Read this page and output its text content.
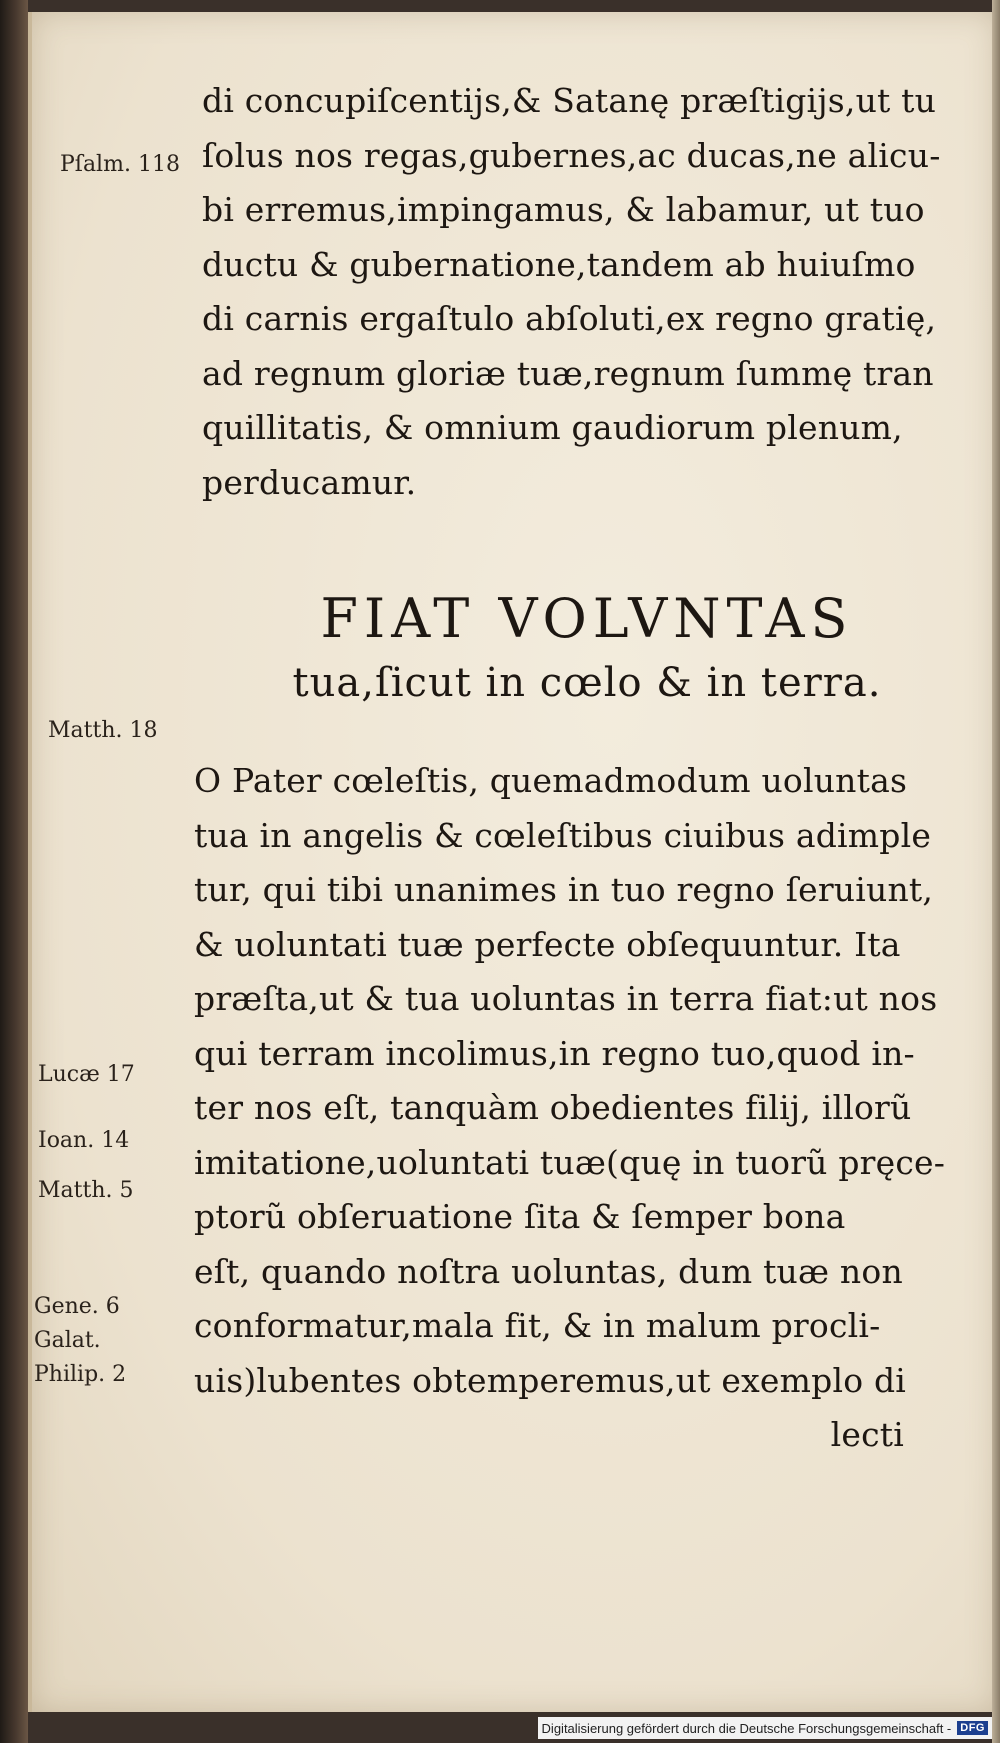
di concupiſcentijs,& Satanę præſtigijs,ut tu
ſolus nos regas,gubernes,ac ducas,ne alicu-
bi erremus,impingamus, & labamur, ut tuo
ductu & gubernatione,tandem ab huiuſmo
di carnis ergaſtulo abſoluti,ex regno gratię,
ad regnum gloriæ tuæ,regnum ſummę tran
quillitatis, & omnium gaudiorum plenum,
perducamur.
FIAT VOLVNTAS
tua,ſicut in cœlo & in terra.
O Pater cœleſtis, quemadmodum uoluntas
tua in angelis & cœleſtibus ciuibus adimple
tur, qui tibi unanimes in tuo regno ſeruiunt,
& uoluntati tuæ perfecte obſequuntur. Ita
præſta,ut & tua uoluntas in terra fiat:ut nos
qui terram incolimus,in regno tuo,quod in-
ter nos eſt, tanquàm obedientes filij, illorũ
imitatione,uoluntati tuæ(quę in tuorũ pręce-
ptorũ obſeruatione ſita & ſemper bona
eſt, quando noſtra uoluntas, dum tuæ non
conformatur,mala fit, & in malum procli-
uis)lubentes obtemperemus,ut exemplo di
lecti
Pſalm. 118
Matth. 18
Lucæ 17
Ioan. 14
Matth. 5
Gene. 6
Galat.
Philip. 2
Digitalisierung gefördert durch die Deutsche Forschungsgemeinschaft - DFG
